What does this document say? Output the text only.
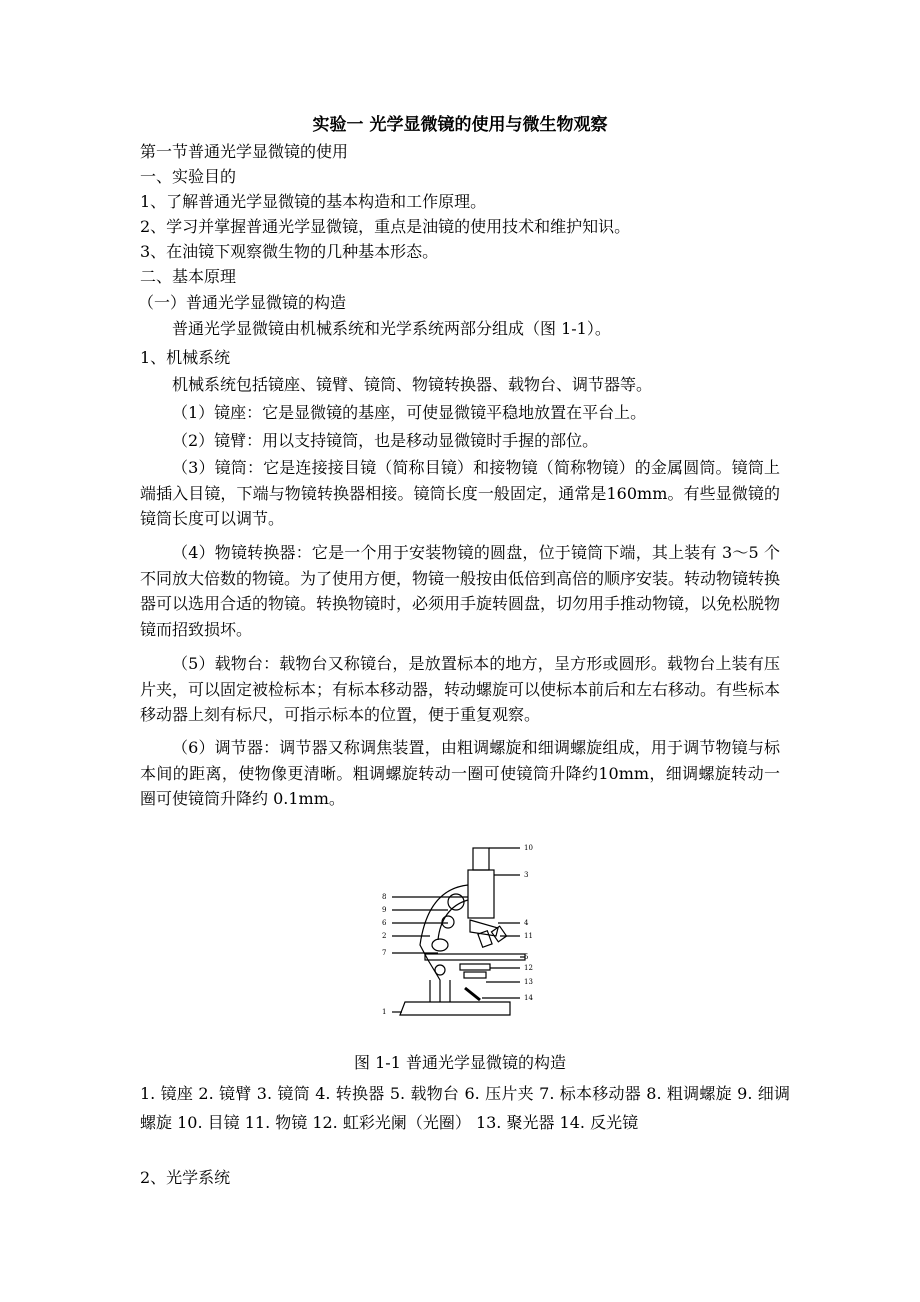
实验一 光学显微镜的使用与微生物观察
第一节普通光学显微镜的使用
一、实验目的
1、了解普通光学显微镜的基本构造和工作原理。
2、学习并掌握普通光学显微镜，重点是油镜的使用技术和维护知识。
3、在油镜下观察微生物的几种基本形态。
二、基本原理
（一）普通光学显微镜的构造
普通光学显微镜由机械系统和光学系统两部分组成（图 1-1）。
1、机械系统
机械系统包括镜座、镜臂、镜筒、物镜转换器、载物台、调节器等。
（1）镜座：它是显微镜的基座，可使显微镜平稳地放置在平台上。
（2）镜臂：用以支持镜筒，也是移动显微镜时手握的部位。
（3）镜筒：它是连接接目镜（简称目镜）和接物镜（简称物镜）的金属圆筒。镜筒上端插入目镜，下端与物镜转换器相接。镜筒长度一般固定，通常是160mm。有些显微镜的镜筒长度可以调节。
（4）物镜转换器：它是一个用于安装物镜的圆盘，位于镜筒下端，其上装有 3～5 个不同放大倍数的物镜。为了使用方便，物镜一般按由低倍到高倍的顺序安装。转动物镜转换器可以选用合适的物镜。转换物镜时，必须用手旋转圆盘，切勿用手推动物镜，以免松脱物镜而招致损坏。
（5）载物台：载物台又称镜台，是放置标本的地方，呈方形或圆形。载物台上装有压片夹，可以固定被检标本；有标本移动器，转动螺旋可以使标本前后和左右移动。有些标本移动器上刻有标尺，可指示标本的位置，便于重复观察。
（6）调节器：调节器又称调焦装置，由粗调螺旋和细调螺旋组成，用于调节物镜与标本间的距离，使物像更清晰。粗调螺旋转动一圈可使镜筒升降约10mm，细调螺旋转动一圈可使镜筒升降约 0.1mm。
10
3
8
9
6
2
7
4
11
5
12
13
14
1
图 1-1 普通光学显微镜的构造
1. 镜座 2. 镜臂 3. 镜筒 4. 转换器 5. 载物台 6. 压片夹 7. 标本移动器 8. 粗调螺旋 9. 细调螺旋 10. 目镜 11. 物镜 12. 虹彩光阑（光圈） 13. 聚光器 14. 反光镜
2、光学系统
